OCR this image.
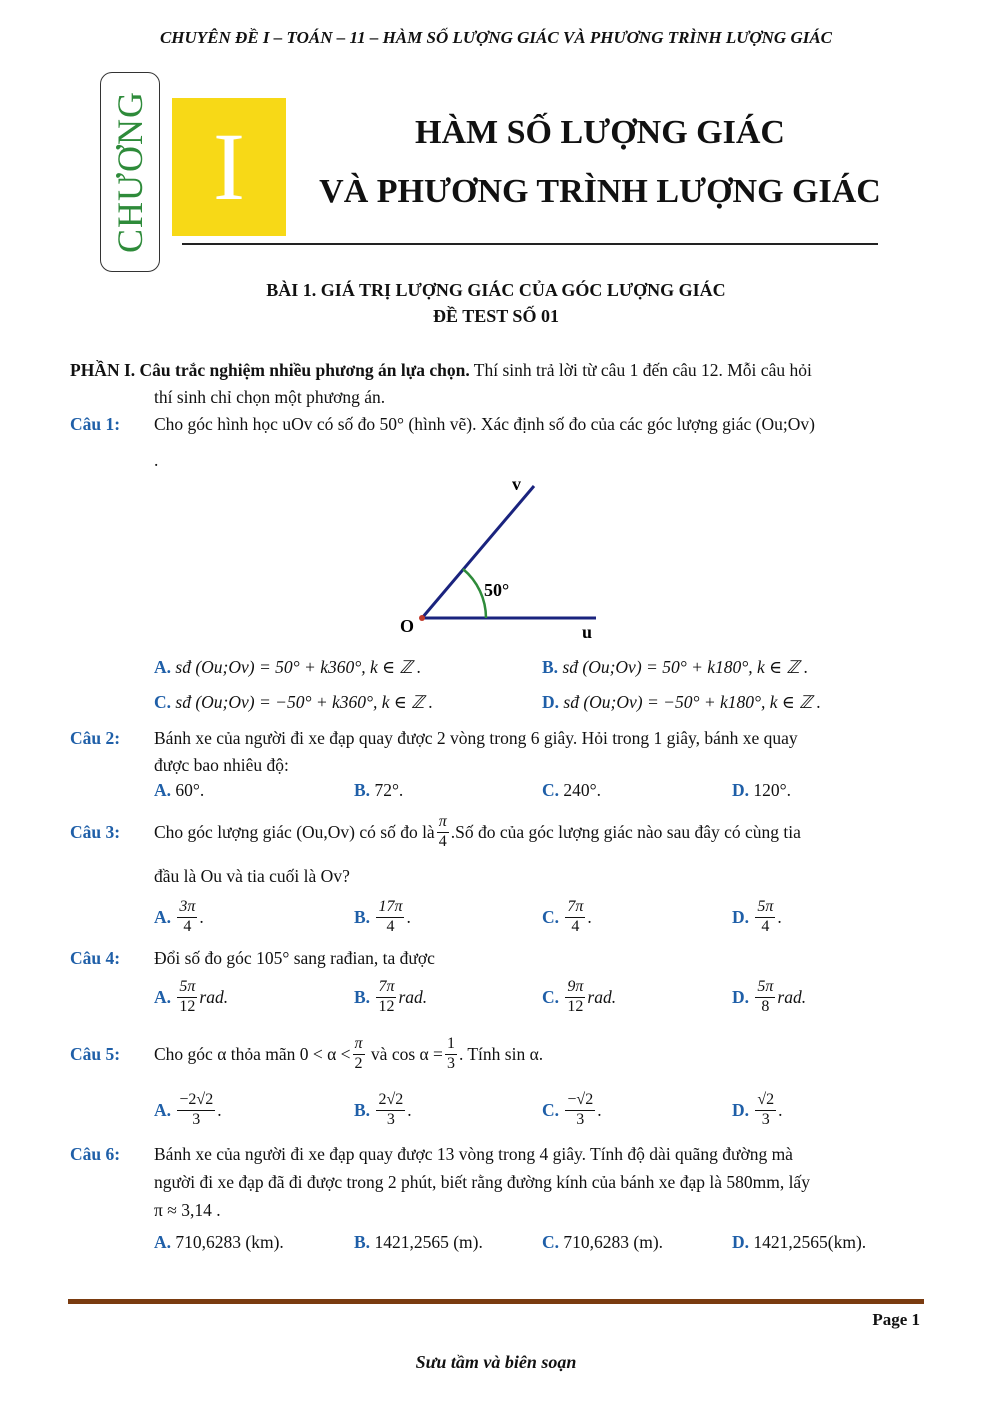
CHUYÊN ĐỀ I – TOÁN – 11 – HÀM SỐ LƯỢNG GIÁC VÀ PHƯƠNG TRÌNH LƯỢNG GIÁC
CHƯƠNG I	HÀM SỐ LƯỢNG GIÁC
VÀ PHƯƠNG TRÌNH LƯỢNG GIÁC
BÀI 1. GIÁ TRỊ LƯỢNG GIÁC CỦA GÓC LƯỢNG GIÁC
ĐỀ TEST SỐ 01
PHẦN I. Câu trắc nghiệm nhiều phương án lựa chọn. Thí sinh trả lời từ câu 1 đến câu 12. Mỗi câu hỏi
thí sinh chỉ chọn một phương án.
Câu 1: Cho góc hình học uOv có số đo 50° (hình vẽ). Xác định số đo của các góc lượng giác (Ou;Ov)
.
v
50°
O	u
A. sđ (Ou;Ov) = 50° + k360°, k ∈ ℤ .	B. sđ (Ou;Ov) = 50° + k180°, k ∈ ℤ .
C. sđ (Ou;Ov) = −50° + k360°, k ∈ ℤ .	D. sđ (Ou;Ov) = −50° + k180°, k ∈ ℤ .
Câu 2: Bánh xe của người đi xe đạp quay được 2 vòng trong 6 giây. Hỏi trong 1 giây, bánh xe quay
được bao nhiêu độ:
A. 60°.	B. 72°.	C. 240°.	D. 120°.
Câu 3: Cho góc lượng giác (Ou,Ov) có số đo là $\frac{\pi}{4}$ .Số đo của góc lượng giác nào sau đây có cùng tia
đầu là Ou và tia cuối là Ov?
A.
$\frac{3\pi}{4}$ .	B.
$\frac{17\pi}{4}$ .	C.
$\frac{7\pi}{4}$ .	D.
$\frac{5\pi}{4}$ .
Câu 4: Đổi số đo góc 105° sang rađian, ta được
A.
$\frac{5\pi}{12}$ rad.	B.
$\frac{7\pi}{12}$ rad.	C.
$\frac{9\pi}{12}$ rad.	D.
$\frac{5\pi}{8}$ rad.
Câu 5: Cho góc α thỏa mãn $0 < \alpha < \frac{\pi}{2}$
và $\cos \alpha = \frac{1}{3}$ . Tính sin α.
A.
$\frac{-2√2}{3}$ .	B.
$\frac{2√2}{3}$ .	C.
$\frac{-√2}{3}$ .	D.
$\frac{√2}{3}$ .
Câu 6: Bánh xe của người đi xe đạp quay được 13 vòng trong 4 giây. Tính độ dài quãng đường mà
người đi xe đạp đã đi được trong 2 phút, biết rằng đường kính của bánh xe đạp là 580mm, lấy
π ≈ 3,14 .
A. 710,6283 (km).	B. 1421,2565 (m).	C. 710,6283 (m).	D. 1421,2565(km).
Page 1
Sưu tầm và biên soạn
